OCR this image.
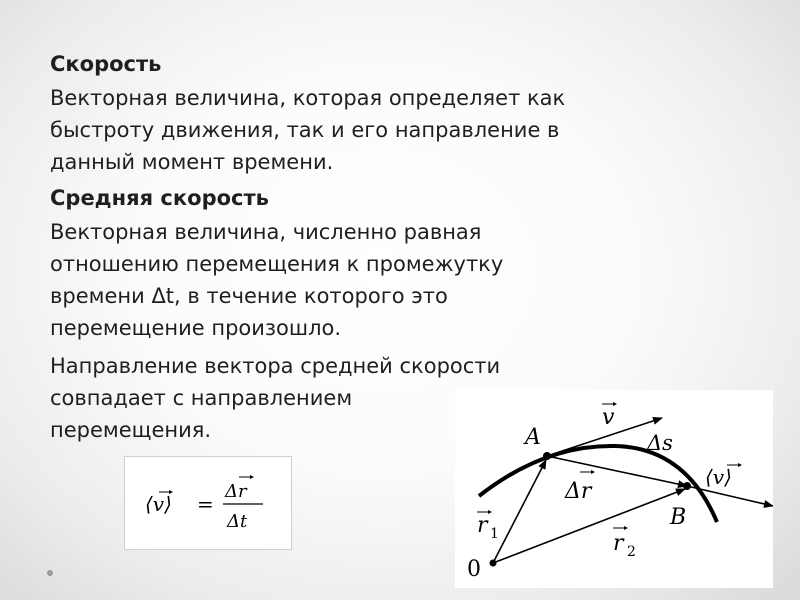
Скорость
Векторная величина, которая определяет как
быстроту движения, так и его направление в
данный момент времени.
Средняя скорость
Векторная величина, численно равная
отношению перемещения к промежутку
времени Δt, в течение которого это
перемещение произошло.
Направление вектора средней скорости
совпадает с направлением
перемещения.
⟨v⟩ =
Δr
Δt
A
B
0
v
Δs
⟨v⟩
Δr
r 1	r 2
